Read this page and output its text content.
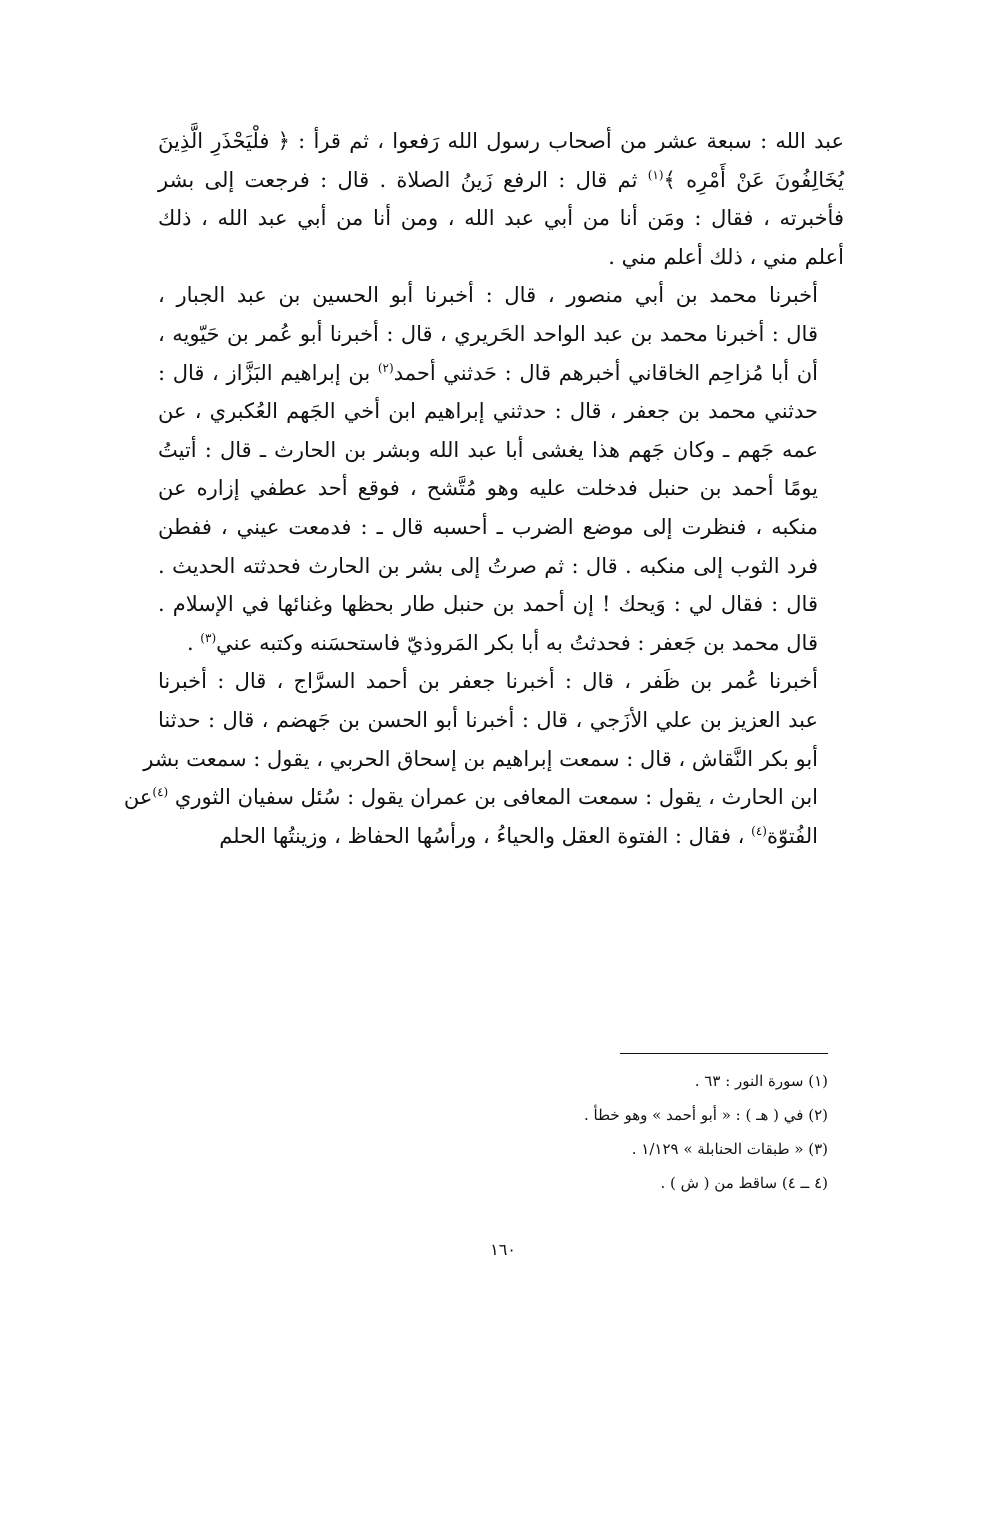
عبد الله : سبعة عشر من أصحاب رسول الله رَفعوا ، ثم قرأ : ﴿ فلْيَحْذَرِ الَّذِينَ
يُخَالِفُونَ عَنْ أَمْرِه ﴾$^{(١)}$ ثم قال : الرفع زَينُ الصلاة . قال : فرجعت إلى بشر
فأخبرته ، فقال : ومَن أنا من أبي عبد الله ، ومن أنا من أبي عبد الله ، ذلك
أعلم مني ، ذلك أعلم مني .
أخبرنا محمد بن أبي منصور ، قال : أخبرنا أبو الحسين بن عبد الجبار ،
قال : أخبرنا محمد بن عبد الواحد الحَريري ، قال : أخبرنا أبو عُمر بن حَيّويه ،
أن أبا مُزاحِم الخاقاني أخبرهم قال : حَدثني أحمد$^{(٢)}$ بن إبراهيم البَزَّاز ، قال :
حدثني محمد بن جعفر ، قال : حدثني إبراهيم ابن أخي الجَهم العُكبري ، عن
عمه جَهم ـ وكان جَهم هذا يغشى أبا عبد الله وبشر بن الحارث ـ قال : أتيتُ
يومًا أحمد بن حنبل فدخلت عليه وهو مُتَّشح ، فوقع أحد عطفي إزاره عن
منكبه ، فنظرت إلى موضع الضرب ـ أحسبه قال ـ : فدمعت عيني ، ففطن
فرد الثوب إلى منكبه . قال : ثم صرتُ إلى بشر بن الحارث فحدثته الحديث .
قال : فقال لي : وَيحك ! إن أحمد بن حنبل طار بحظها وغنائها في الإسلام .
قال محمد بن جَعفر : فحدثتُ به أبا بكر المَروذيّ فاستحسَنه وكتبه عني$^{(٣)}$ .
أخبرنا عُمر بن ظَفر ، قال : أخبرنا جعفر بن أحمد السرَّاج ، قال : أخبرنا
عبد العزيز بن علي الأزَجي ، قال : أخبرنا أبو الحسن بن جَهضم ، قال : حدثنا
أبو بكر النَّقاش ، قال : سمعت إبراهيم بن إسحاق الحربي ، يقول : سمعت بشر
ابن الحارث ، يقول : سمعت المعافى بن عمران يقول : سُئل سفيان الثوري $^{(٤)}$عن
الفُتوّة$^{(٤)}$ ، فقال : الفتوة العقل والحياءُ ، ورأسُها الحفاظ ، وزينتُها الحلم
(١) سورة النور : ٦٣ .
(٢) في ( هـ ) : « أبو أحمد » وهو خطأ .
(٣) « طبقات الحنابلة » ١/١٢٩ .
(٤ ــ ٤) ساقط من ( ش ) .
١٦٠
